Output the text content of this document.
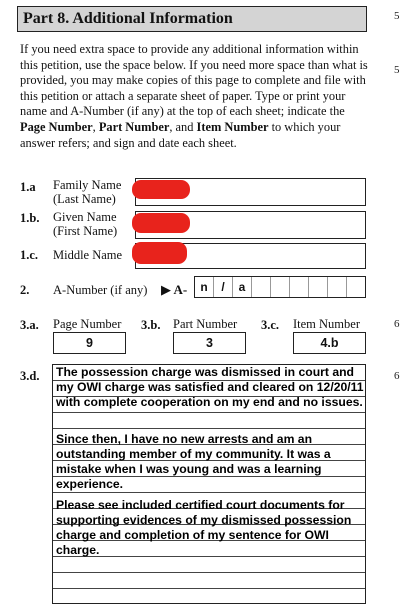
Part 8. Additional Information	5
5
6
6
If you need extra space to provide any additional information within this petition, use the space below. If you need more space than what is provided, you may make copies of this page to complete and file with this petition or attach a separate sheet of paper. Type or print your name and A-Number (if any) at the top of each sheet; indicate the Page Number, Part Number, and Item Number to which your answer refers; and sign and date each sheet.
1.a Family Name
(Last Name)
1.b. Given Name
(First Name)
1.c. Middle Name
2. A-Number (if any) ▶ A-	n	/	a
3.a. Page Number
9
3.b. Part Number
3
3.c. Item Number
4.b
3.d. The possession charge was dismissed in court and my OWI charge was satisfied and cleared on 12/20/11 with complete cooperation on my end and no issues.
Since then, I have no new arrests and am an outstanding member of my community. It was a mistake when I was young and was a learning experience.
Please see included certified court documents for supporting evidences of my dismissed possession charge and completion of my sentence for OWI charge.
